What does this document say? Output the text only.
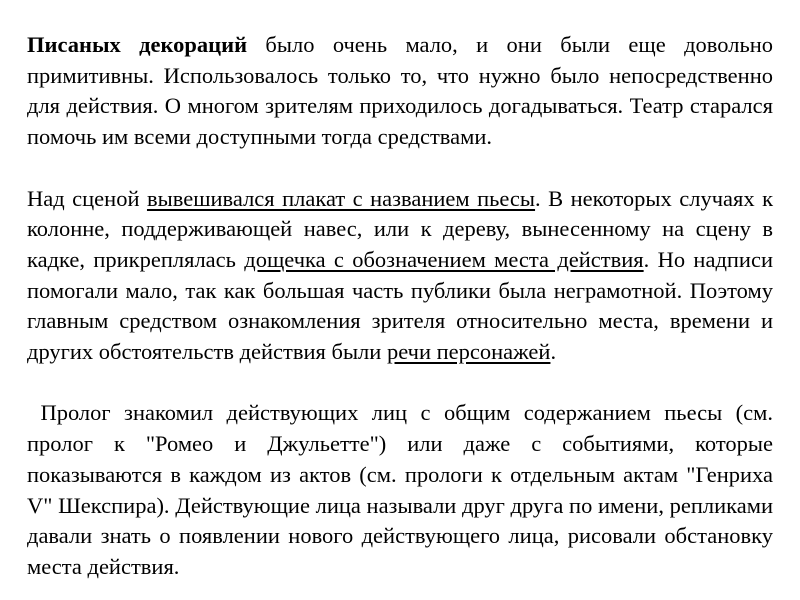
Писаных декораций было очень мало, и они были еще довольно примитивны. Использовалось только то, что нужно было непосредственно для действия. О многом зрителям приходилось догадываться. Театр старался помочь им всеми доступными тогда средствами.

Над сценой вывешивался плакат с названием пьесы. В некоторых случаях к колонне, поддерживающей навес, или к дереву, вынесенному на сцену в кадке, прикреплялась дощечка с обозначением места действия. Но надписи помогали мало, так как большая часть публики была неграмотной. Поэтому главным средством ознакомления зрителя относительно места, времени и других обстоятельств действия были речи персонажей.

Пролог знакомил действующих лиц с общим содержанием пьесы (см. пролог к "Ромео и Джульетте") или даже с событиями, которые показываются в каждом из актов (см. прологи к отдельным актам "Генриха V" Шекспира). Действующие лица называли друг друга по имени, репликами давали знать о появлении нового действующего лица, рисовали обстановку места действия.
